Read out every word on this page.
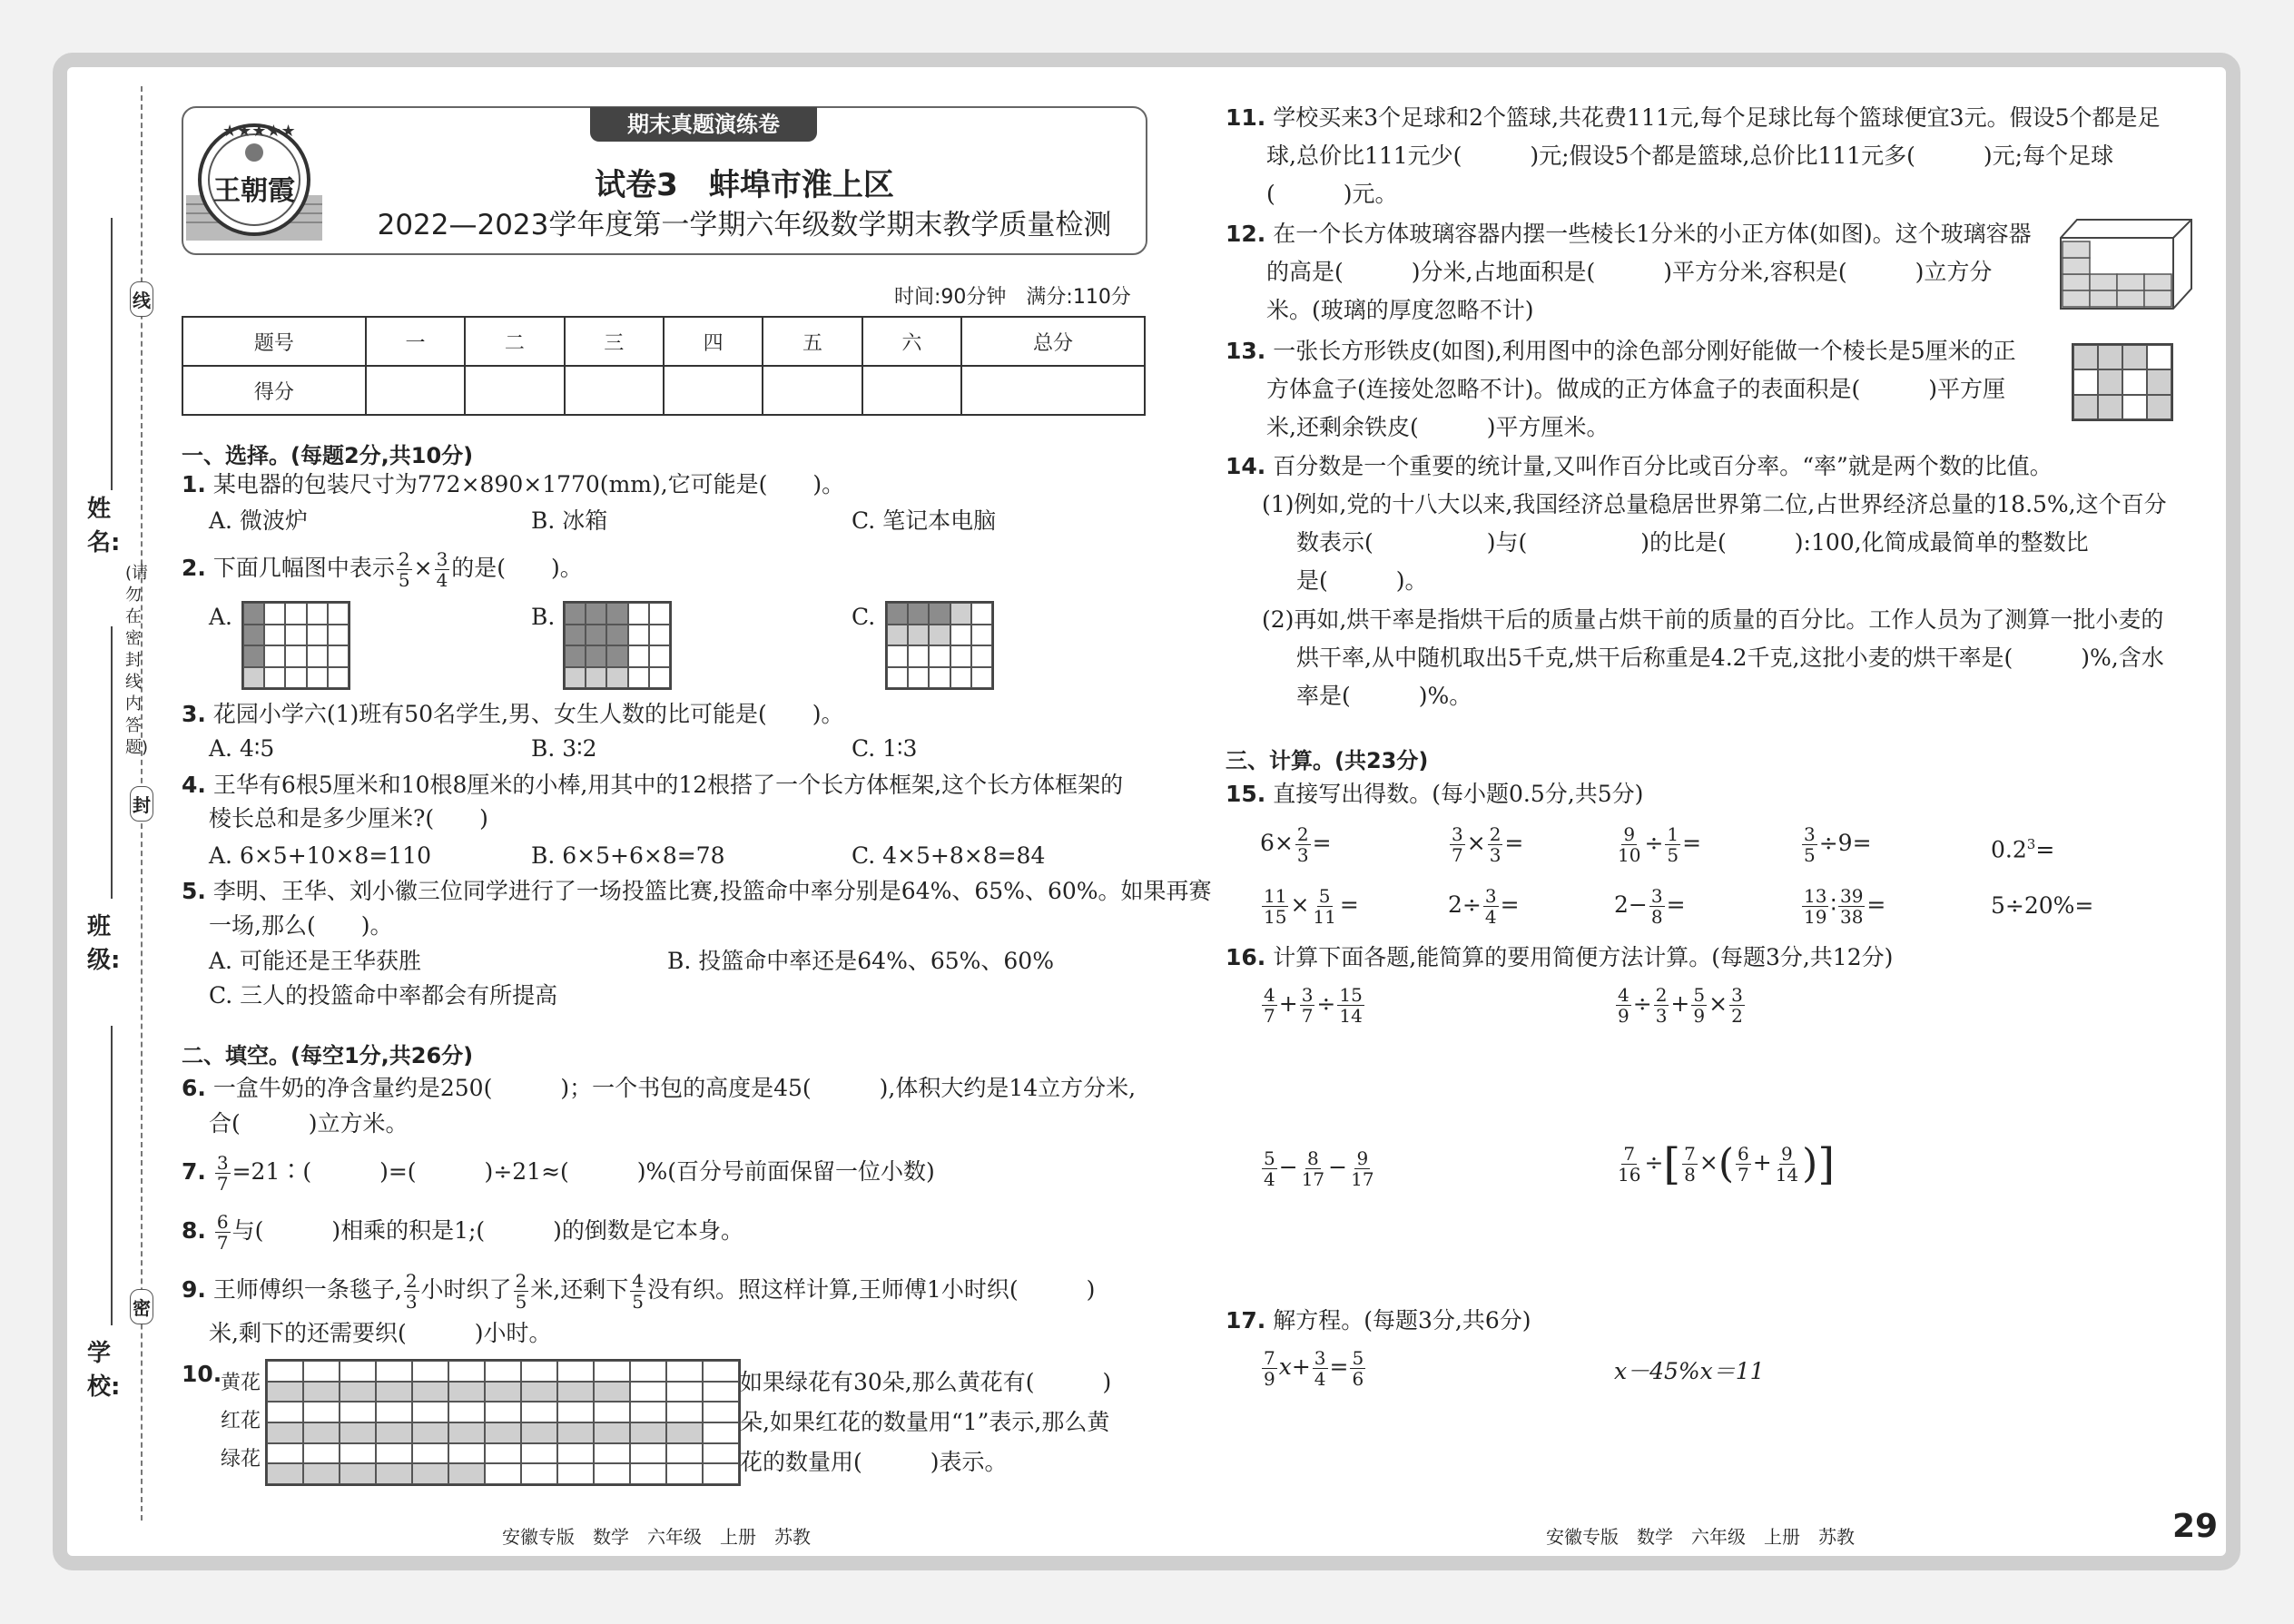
线
封
密
(请勿在密封线内答题)
姓名:
班级:
学校:
期末真题演练卷
★★★★★
王朝霞	试卷3　蚌埠市淮上区
2022—2023学年度第一学期六年级数学期末教学质量检测
时间:90分钟　满分:110分
题号	一	二	三	四	五	六	总分
得分							
一、选择。(每题2分,共10分)
1. 某电器的包装尺寸为772×890×1770(mm),它可能是(　　)。
A. 微波炉	B. 冰箱	C. 笔记本电脑
2. 下面几幅图中表示 $\frac{2}{5} \times \frac{3}{4}$ 的是(　　)。
A.	B.	C.
3. 花园小学六(1)班有50名学生,男、女生人数的比可能是(　　)。
A. 4∶5	B. 3∶2	C. 1∶3
4. 王华有6根5厘米和10根8厘米的小棒,用其中的12根搭了一个长方体框架,这个长方体框架的
棱长总和是多少厘米?(　　)
A. 6×5+10×8=110	B. 6×5+6×8=78	C. 4×5+8×8=84
5. 李明、王华、刘小徽三位同学进行了一场投篮比赛,投篮命中率分别是64%、65%、60%。如果再赛
一场,那么(　　)。
A. 可能还是王华获胜	B. 投篮命中率还是64%、65%、60%
C. 三人的投篮命中率都会有所提高
二、填空。(每空1分,共26分)
6. 一盒牛奶的净含量约是250(　　　)；一个书包的高度是45(　　　),体积大约是14立方分米,
合(　　　)立方米。
7. $\frac{3}{7}$ =21∶(　　　)=(　　　)÷21≈(　　　)%(百分号前面保留一位小数)
8. $\frac{6}{7}$ 与(　　　)相乘的积是1;(　　　)的倒数是它本身。
9. 王师傅织一条毯子, $\frac{2}{3}$ 小时织了 $\frac{2}{5}$ 米,还剩下 $\frac{4}{5}$ 没有织。照这样计算,王师傅1小时织(　　　)
米,剩下的还需要织(　　　)小时。
10.
黄花
红花
绿花
如果绿花有30朵,那么黄花有(　　　)
朵,如果红花的数量用“1”表示,那么黄
花的数量用(　　　)表示。
安徽专版　数学　六年级　上册　苏教
11. 学校买来3个足球和2个篮球,共花费111元,每个足球比每个篮球便宜3元。假设5个都是足
球,总价比111元少(　　　)元;假设5个都是篮球,总价比111元多(　　　)元;每个足球
(　　　)元。
12. 在一个长方体玻璃容器内摆一些棱长1分米的小正方体(如图)。这个玻璃容器
的高是(　　　)分米,占地面积是(　　　)平方分米,容积是(　　　)立方分
米。(玻璃的厚度忽略不计)
13. 一张长方形铁皮(如图),利用图中的涂色部分刚好能做一个棱长是5厘米的正
方体盒子(连接处忽略不计)。做成的正方体盒子的表面积是(　　　)平方厘
米,还剩余铁皮(　　　)平方厘米。
14. 百分数是一个重要的统计量,又叫作百分比或百分率。“率”就是两个数的比值。
(1)例如,党的十八大以来,我国经济总量稳居世界第二位,占世界经济总量的18.5%,这个百分
数表示(　　　　　)与(　　　　　)的比是(　　　):100,化简成最简单的整数比
是(　　　)。
(2)再如,烘干率是指烘干后的质量占烘干前的质量的百分比。工作人员为了测算一批小麦的
烘干率,从中随机取出5千克,烘干后称重是4.2千克,这批小麦的烘干率是(　　　)%,含水
率是(　　　)%。
三、计算。(共23分)
15. 直接写出得数。(每小题0.5分,共5分)
$6\times \frac{2}{3}$ =	$\frac{3}{7} \times \frac{2}{3}$ =	$\frac{9}{10} \div \frac{1}{5}$ =	$\frac{3}{5} \div 9=$	$0.2^3=$
$\frac{11}{15} \times \frac{5}{11}$ =	$2\div \frac{3}{4}$ =	$2- \frac{3}{8}$ =	$\frac{13}{19}$ ∶ $\frac{39}{38}$ =	5÷20%=
16. 计算下面各题,能简算的要用简便方法计算。(每题3分,共12分)
$\frac{4}{7} + \frac{3}{7} \div \frac{15}{14}$	$\frac{4}{9} \div \frac{2}{3} + \frac{5}{9} \times \frac{3}{2}$
$\frac{5}{4} - \frac{8}{17} - \frac{9}{17}$	$\frac{7}{16}$ ÷[ $\frac{7}{8}$ ×( $\frac{6}{7} + \frac{9}{14}$ )]
17. 解方程。(每题3分,共6分)
$\frac{7}{9} x+ \frac{3}{4} = \frac{5}{6}$	x－45%x＝11
安徽专版　数学　六年级　上册　苏教	29
